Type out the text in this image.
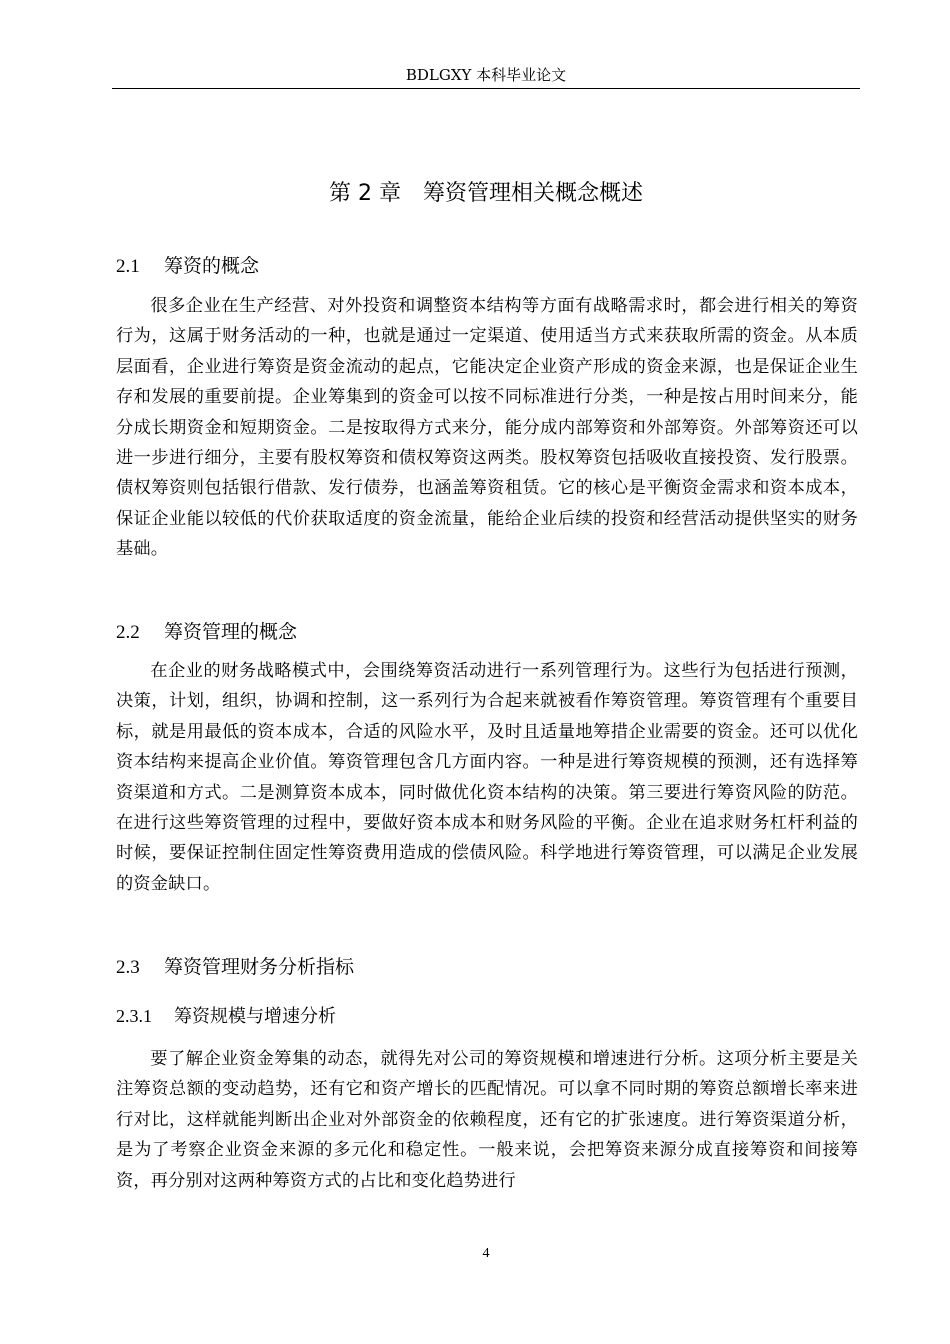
BDLGXY 本科毕业论文
第 2 章 筹资管理相关概念概述
2.1 筹资的概念

很多企业在生产经营、对外投资和调整资本结构等方面有战略需求时，都会进行相关的筹资行为，这属于财务活动的一种，也就是通过一定渠道、使用适当方式来获取所需的资金。从本质层面看，企业进行筹资是资金流动的起点，它能决定企业资产形成的资金来源，也是保证企业生存和发展的重要前提。企业筹集到的资金可以按不同标准进行分类，一种是按占用时间来分，能分成长期资金和短期资金。二是按取得方式来分，能分成内部筹资和外部筹资。外部筹资还可以进一步进行细分，主要有股权筹资和债权筹资这两类。股权筹资包括吸收直接投资、发行股票。债权筹资则包括银行借款、发行债券，也涵盖筹资租赁。它的核心是平衡资金需求和资本成本，保证企业能以较低的代价获取适度的资金流量，能给企业后续的投资和经营活动提供坚实的财务基础。

2.2 筹资管理的概念

在企业的财务战略模式中，会围绕筹资活动进行一系列管理行为。这些行为包括进行预测，决策，计划，组织，协调和控制，这一系列行为合起来就被看作筹资管理。筹资管理有个重要目标，就是用最低的资本成本，合适的风险水平，及时且适量地筹措企业需要的资金。还可以优化资本结构来提高企业价值。筹资管理包含几方面内容。一种是进行筹资规模的预测，还有选择筹资渠道和方式。二是测算资本成本，同时做优化资本结构的决策。第三要进行筹资风险的防范。在进行这些筹资管理的过程中，要做好资本成本和财务风险的平衡。企业在追求财务杠杆利益的时候，要保证控制住固定性筹资费用造成的偿债风险。科学地进行筹资管理，可以满足企业发展的资金缺口。

2.3 筹资管理财务分析指标
2.3.1 筹资规模与增速分析

要了解企业资金筹集的动态，就得先对公司的筹资规模和增速进行分析。这项分析主要是关注筹资总额的变动趋势，还有它和资产增长的匹配情况。可以拿不同时期的筹资总额增长率来进行对比，这样就能判断出企业对外部资金的依赖程度，还有它的扩张速度。进行筹资渠道分析，是为了考察企业资金来源的多元化和稳定性。一般来说，会把筹资来源分成直接筹资和间接筹资，再分别对这两种筹资方式的占比和变化趋势进行

4
